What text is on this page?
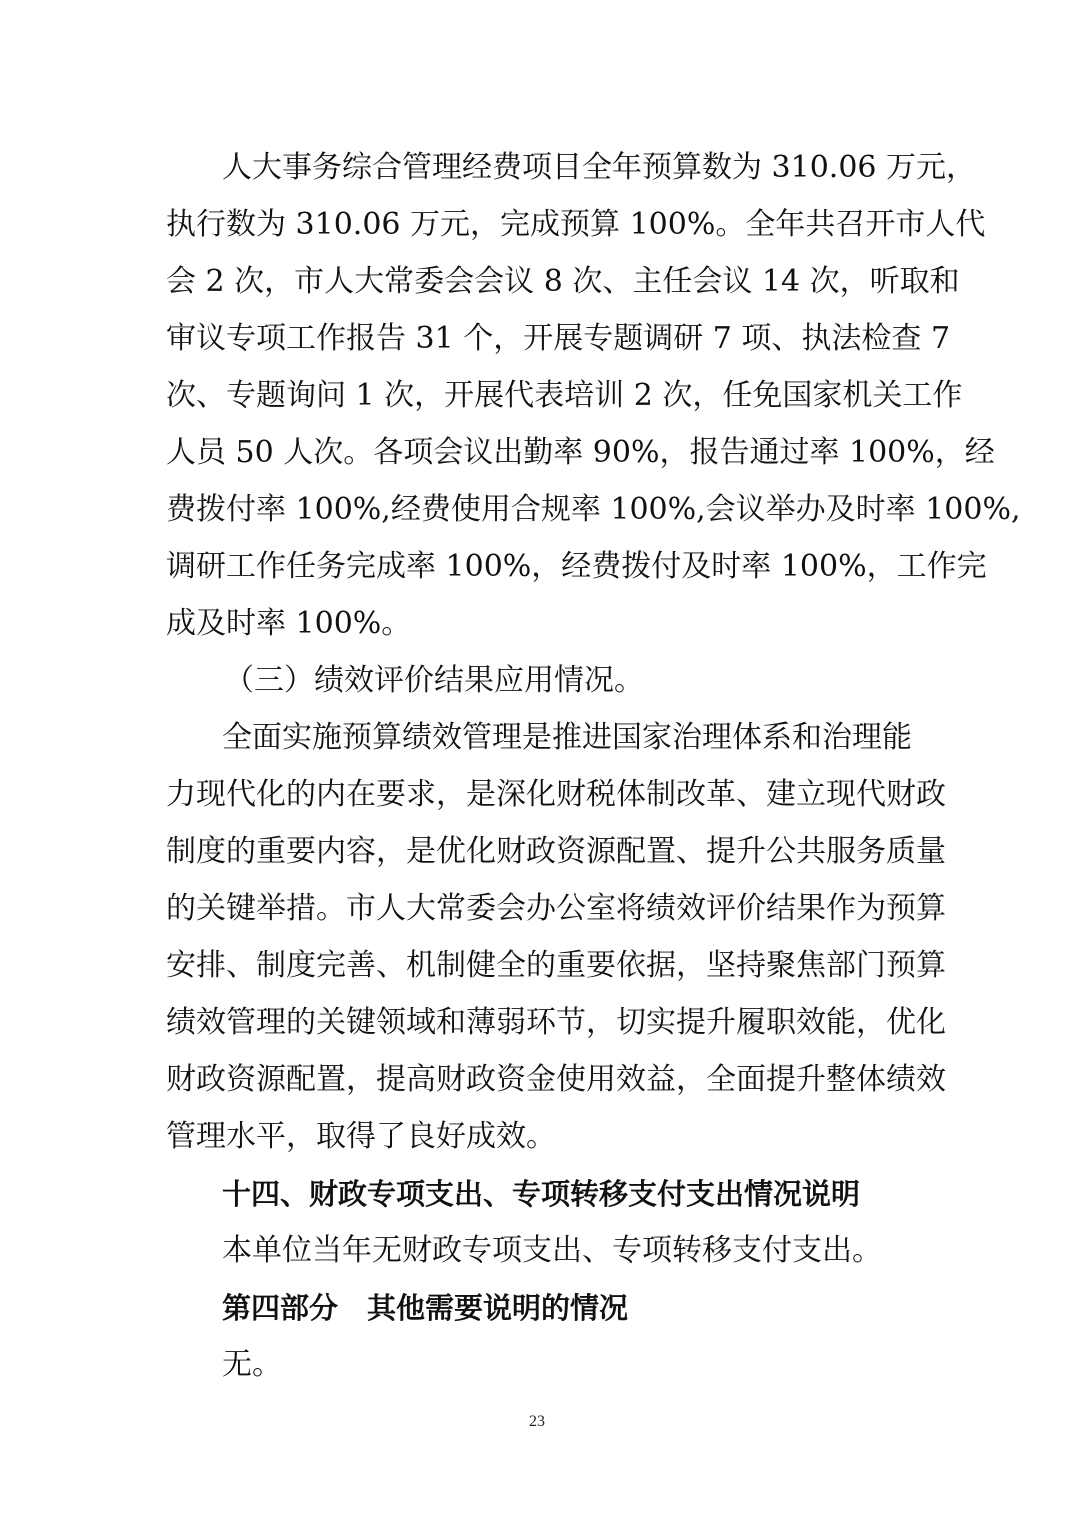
人大事务综合管理经费项目全年预算数为 310.06 万元，
执行数为 310.06 万元，完成预算 100%。全年共召开市人代
会 2 次，市人大常委会会议 8 次、主任会议 14 次，听取和
审议专项工作报告 31 个，开展专题调研 7 项、执法检查 7
次、专题询问 1 次，开展代表培训 2 次，任免国家机关工作
人员 50 人次。各项会议出勤率 90%，报告通过率 100%，经
费拨付率 100%,经费使用合规率 100%,会议举办及时率 100%,
调研工作任务完成率 100%，经费拨付及时率 100%，工作完
成及时率 100%。
（三）绩效评价结果应用情况。
全面实施预算绩效管理是推进国家治理体系和治理能
力现代化的内在要求，是深化财税体制改革、建立现代财政
制度的重要内容，是优化财政资源配置、提升公共服务质量
的关键举措。市人大常委会办公室将绩效评价结果作为预算
安排、制度完善、机制健全的重要依据，坚持聚焦部门预算
绩效管理的关键领域和薄弱环节，切实提升履职效能，优化
财政资源配置，提高财政资金使用效益，全面提升整体绩效
管理水平，取得了良好成效。
十四、财政专项支出、专项转移支付支出情况说明
本单位当年无财政专项支出、专项转移支付支出。
第四部分　其他需要说明的情况
无。
23
